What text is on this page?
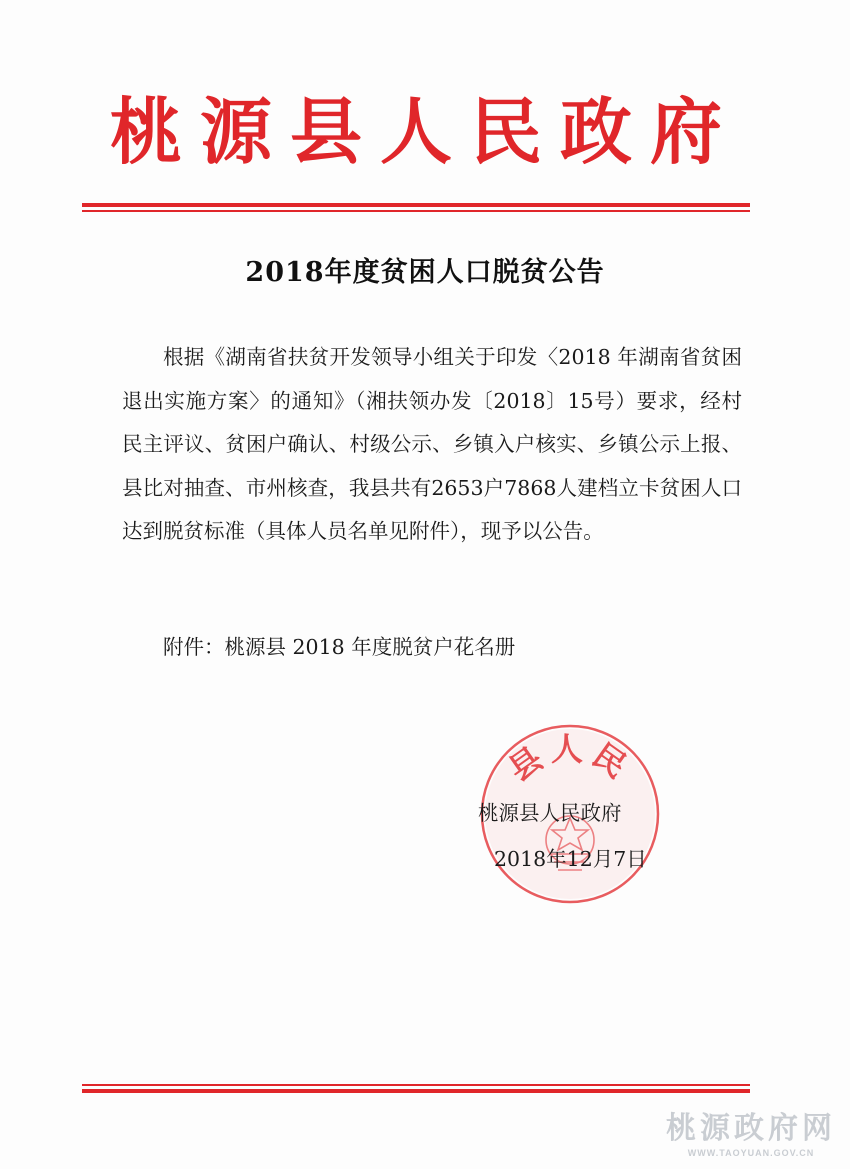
桃源县人民政府
2018年度贫困人口脱贫公告
根据《湖南省扶贫开发领导小组关于印发〈2018 年湖南省贫困退出实施方案〉的通知》（湘扶领办发〔2018〕15号）要求，经村民主评议、贫困户确认、村级公示、乡镇入户核实、乡镇公示上报、县比对抽查、市州核查，我县共有2653户7868人建档立卡贫困人口达到脱贫标准（具体人员名单见附件），现予以公告。
附件：桃源县 2018 年度脱贫户花名册
县人民
桃源县人民政府
2018年12月7日
桃源政府网
WWW.TAOYUAN.GOV.CN
